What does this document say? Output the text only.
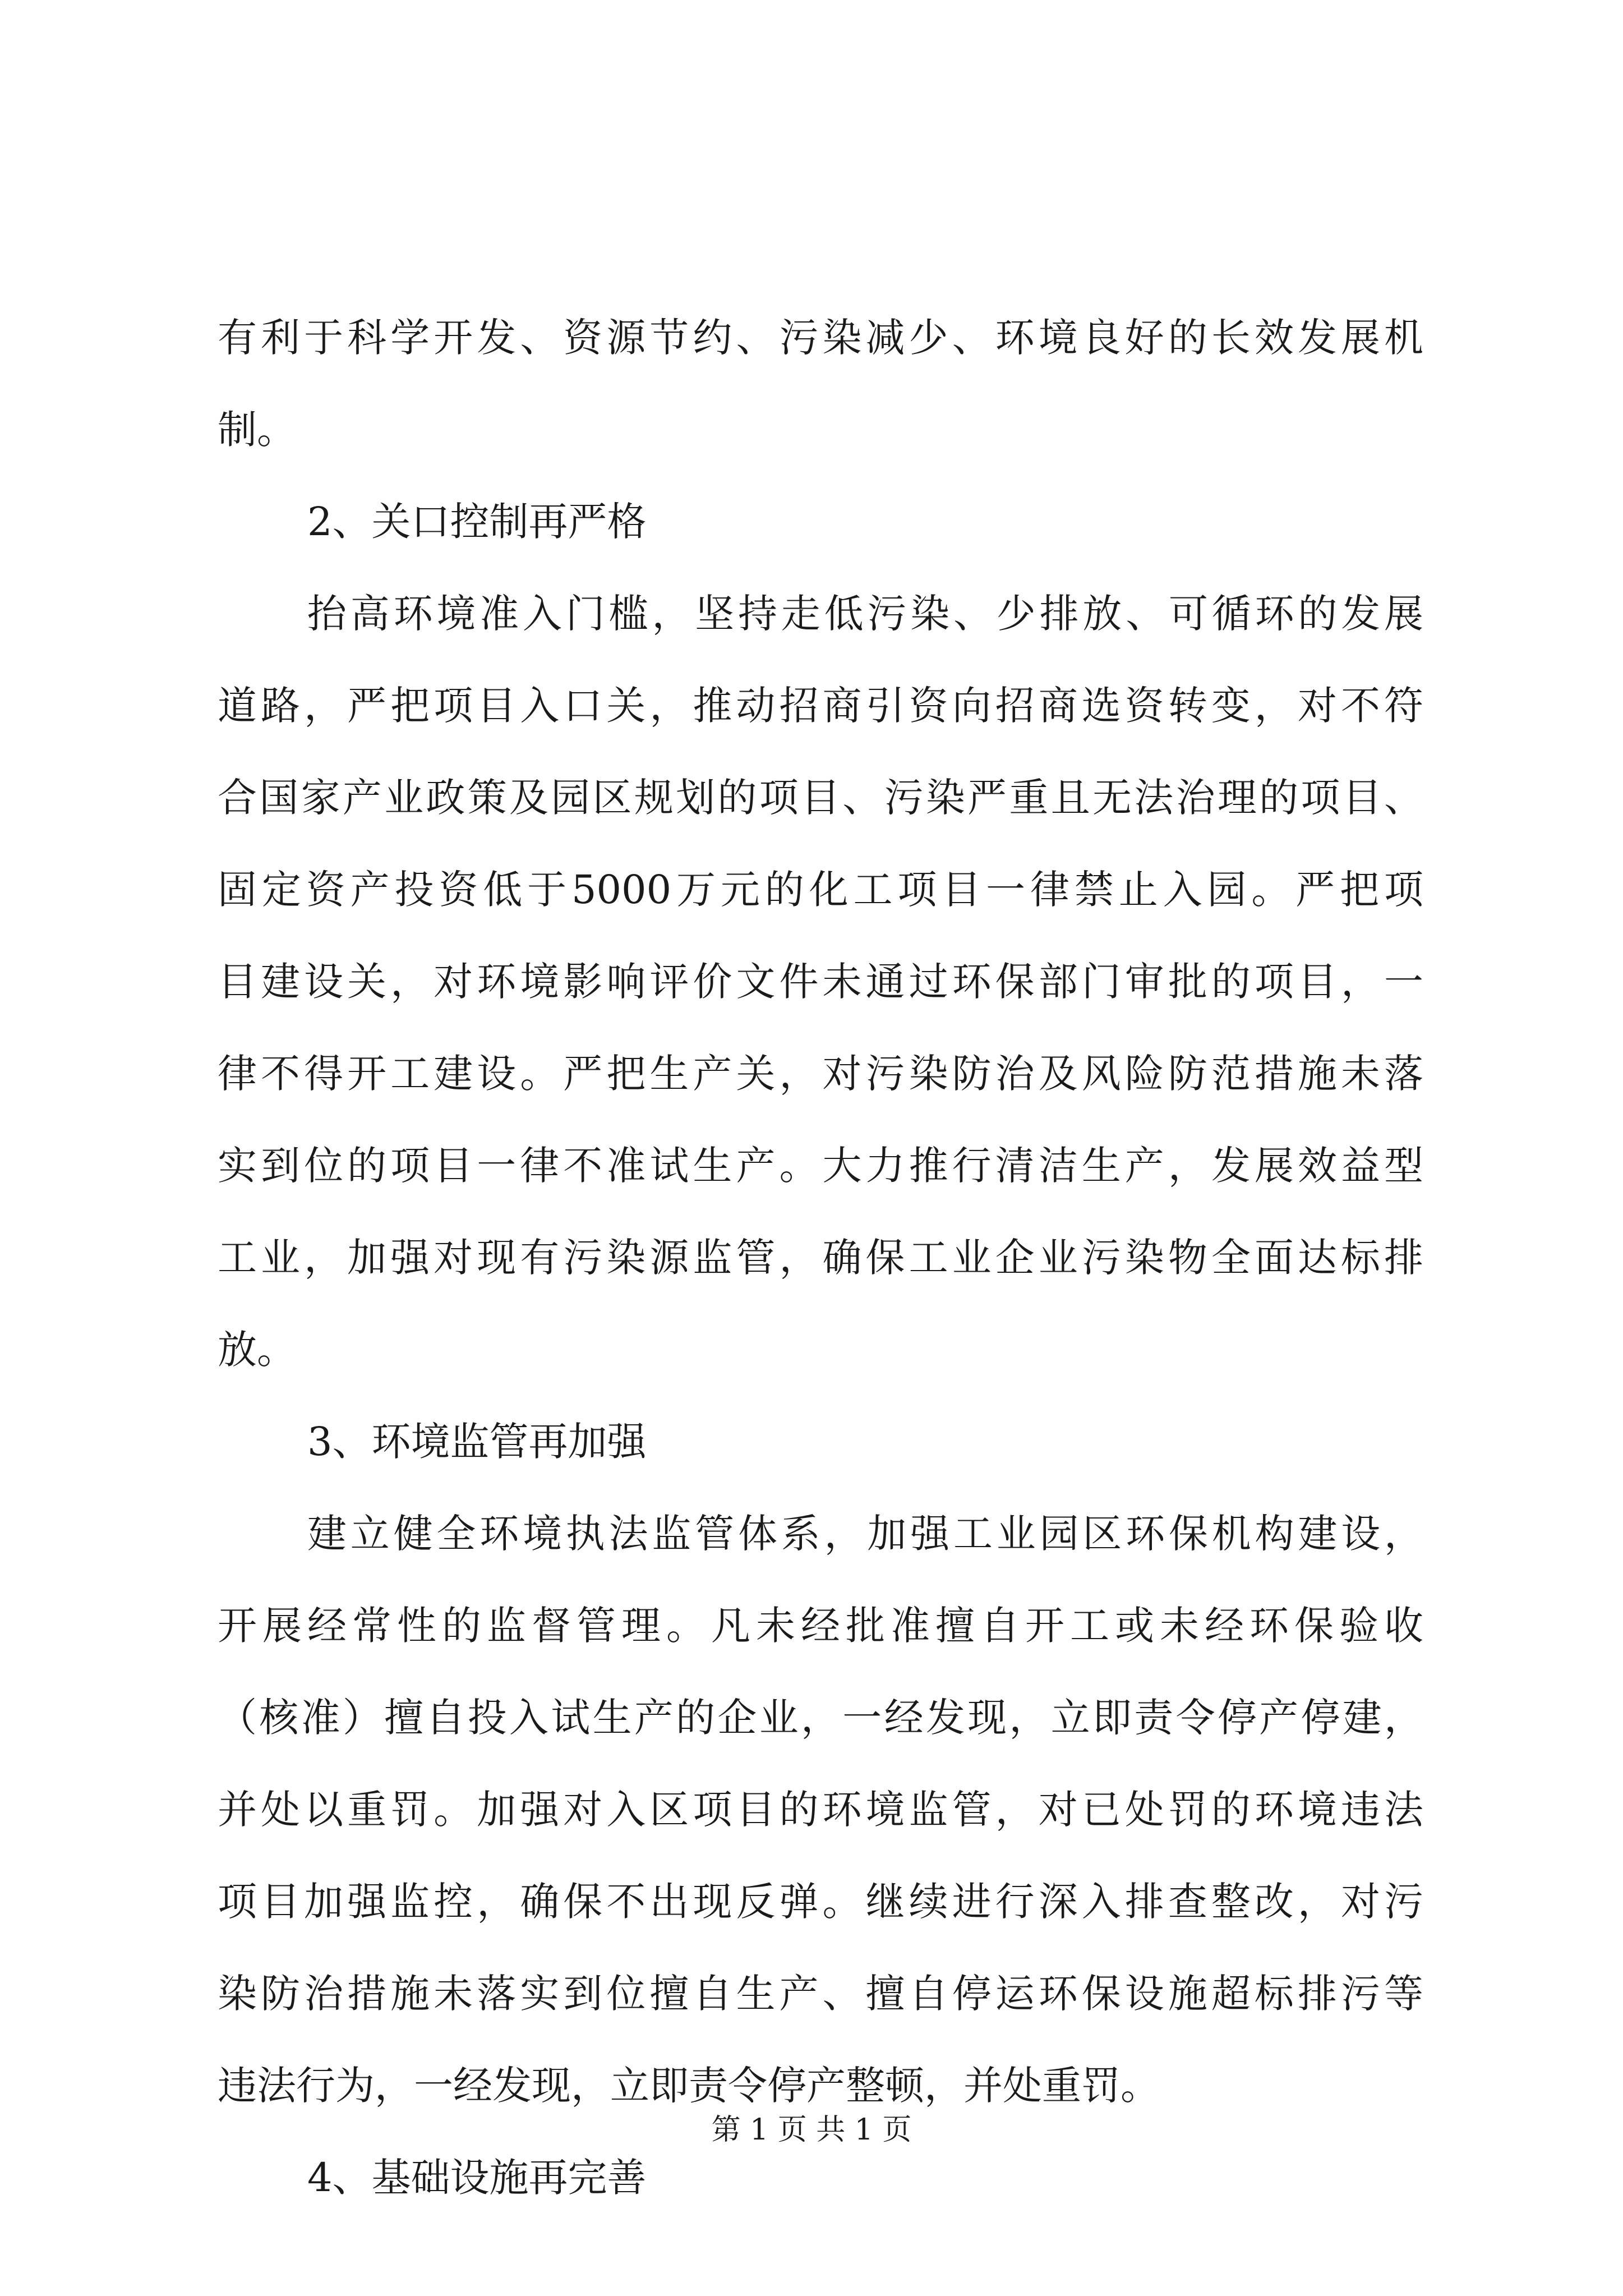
有利于科学开发、资源节约、污染减少、环境良好的长效发展机
制。
2、关口控制再严格
抬高环境准入门槛，坚持走低污染、少排放、可循环的发展
道路，严把项目入口关，推动招商引资向招商选资转变，对不符
合国家产业政策及园区规划的项目、污染严重且无法治理的项目、
固定资产投资低于5000万元的化工项目一律禁止入园。严把项
目建设关，对环境影响评价文件未通过环保部门审批的项目，一
律不得开工建设。严把生产关，对污染防治及风险防范措施未落
实到位的项目一律不准试生产。大力推行清洁生产，发展效益型
工业，加强对现有污染源监管，确保工业企业污染物全面达标排
放。
3、环境监管再加强
建立健全环境执法监管体系，加强工业园区环保机构建设，
开展经常性的监督管理。凡未经批准擅自开工或未经环保验收
（核准）擅自投入试生产的企业，一经发现，立即责令停产停建，
并处以重罚。加强对入区项目的环境监管，对已处罚的环境违法
项目加强监控，确保不出现反弹。继续进行深入排查整改，对污
染防治措施未落实到位擅自生产、擅自停运环保设施超标排污等
违法行为，一经发现，立即责令停产整顿，并处重罚。
4、基础设施再完善
第 1 页 共 1 页
